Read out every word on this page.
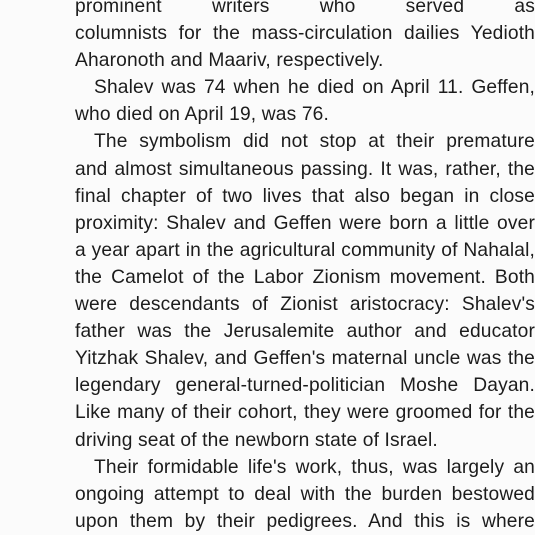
prominent writers who served as
columnists for the mass-circulation dailies Yedioth
Aharonoth and Maariv, respectively.
Shalev was 74 when he died on April 11. Geffen,
who died on April 19, was 76.
The symbolism did not stop at their premature
and almost simultaneous passing. It was, rather, the
final chapter of two lives that also began in close
proximity: Shalev and Geffen were born a little over
a year apart in the agricultural community of Nahalal,
the Camelot of the Labor Zionism movement. Both
were descendants of Zionist aristocracy: Shalev's
father was the Jerusalemite author and educator
Yitzhak Shalev, and Geffen's maternal uncle was the
legendary general-turned-politician Moshe Dayan.
Like many of their cohort, they were groomed for the
driving seat of the newborn state of Israel.
Their formidable life's work, thus, was largely an
ongoing attempt to deal with the burden bestowed
upon them by their pedigrees. And this is where
